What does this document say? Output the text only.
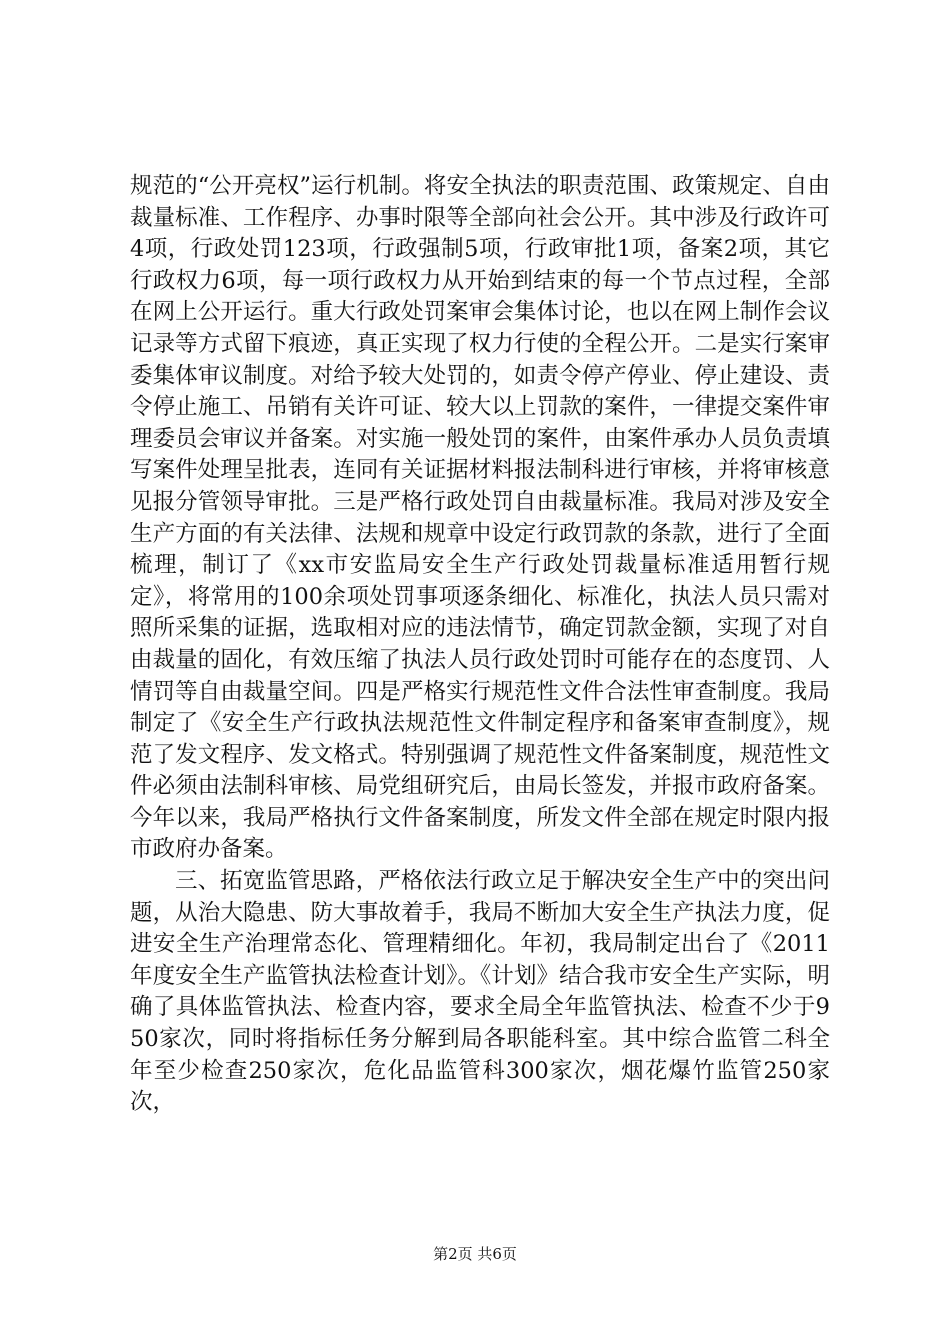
规范的“公开亮权”运行机制。将安全执法的职责范围、政策规定、自由裁量标准、工作程序、办事时限等全部向社会公开。其中涉及行政许可4项，行政处罚123项，行政强制5项，行政审批1项，备案2项，其它行政权力6项，每一项行政权力从开始到结束的每一个节点过程，全部在网上公开运行。重大行政处罚案审会集体讨论，也以在网上制作会议记录等方式留下痕迹，真正实现了权力行使的全程公开。二是实行案审委集体审议制度。对给予较大处罚的，如责令停产停业、停止建设、责令停止施工、吊销有关许可证、较大以上罚款的案件，一律提交案件审理委员会审议并备案。对实施一般处罚的案件，由案件承办人员负责填写案件处理呈批表，连同有关证据材料报法制科进行审核，并将审核意见报分管领导审批。三是严格行政处罚自由裁量标准。我局对涉及安全生产方面的有关法律、法规和规章中设定行政罚款的条款，进行了全面梳理，制订了《xx市安监局安全生产行政处罚裁量标准适用暂行规定》，将常用的100余项处罚事项逐条细化、标准化，执法人员只需对照所采集的证据，选取相对应的违法情节，确定罚款金额，实现了对自由裁量的固化，有效压缩了执法人员行政处罚时可能存在的态度罚、人情罚等自由裁量空间。四是严格实行规范性文件合法性审查制度。我局制定了《安全生产行政执法规范性文件制定程序和备案审查制度》，规范了发文程序、发文格式。特别强调了规范性文件备案制度，规范性文件必须由法制科审核、局党组研究后，由局长签发，并报市政府备案。今年以来，我局严格执行文件备案制度，所发文件全部在规定时限内报市政府办备案。

三、拓宽监管思路，严格依法行政立足于解决安全生产中的突出问题，从治大隐患、防大事故着手，我局不断加大安全生产执法力度，促进安全生产治理常态化、管理精细化。年初，我局制定出台了《2011年度安全生产监管执法检查计划》。《计划》结合我市安全生产实际，明确了具体监管执法、检查内容，要求全局全年监管执法、检查不少于950家次，同时将指标任务分解到局各职能科室。其中综合监管二科全年至少检查250家次，危化品监管科300家次，烟花爆竹监管250家次，

第2页 共6页
